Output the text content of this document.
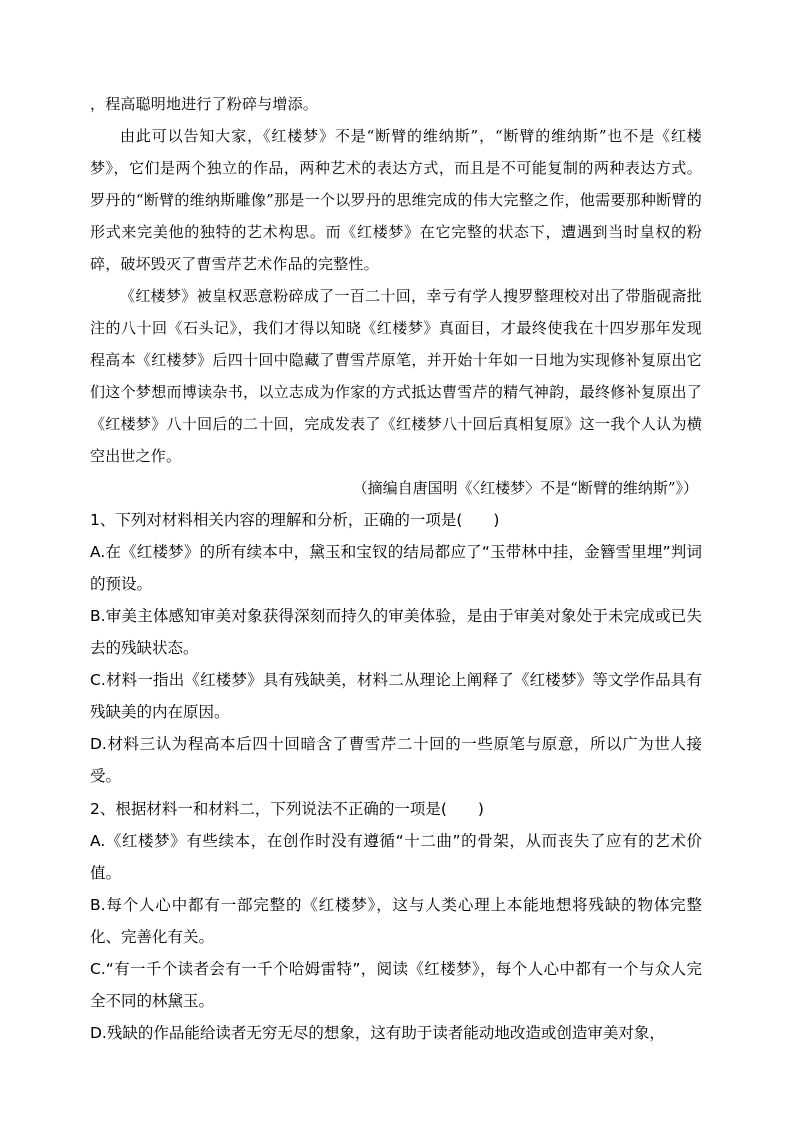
，程高聪明地进行了粉碎与增添。

由此可以告知大家，《红楼梦》不是“断臂的维纳斯”，“断臂的维纳斯”也不是《红楼梦》，它们是两个独立的作品，两种艺术的表达方式，而且是不可能复制的两种表达方式。罗丹的“断臂的维纳斯雕像”那是一个以罗丹的思维完成的伟大完整之作，他需要那种断臂的形式来完美他的独特的艺术构思。而《红楼梦》在它完整的状态下，遭遇到当时皇权的粉碎，破坏毁灭了曹雪芹艺术作品的完整性。

《红楼梦》被皇权恶意粉碎成了一百二十回，幸亏有学人搜罗整理校对出了带脂砚斋批注的八十回《石头记》，我们才得以知晓《红楼梦》真面目，才最终使我在十四岁那年发现程高本《红楼梦》后四十回中隐藏了曹雪芹原笔，并开始十年如一日地为实现修补复原出它们这个梦想而博读杂书，以立志成为作家的方式抵达曹雪芹的精气神韵，最终修补复原出了《红楼梦》八十回后的二十回，完成发表了《红楼梦八十回后真相复原》这一我个人认为横空出世之作。

（摘编自唐国明《〈红楼梦〉不是“断臂的维纳斯”》）

1、下列对材料相关内容的理解和分析，正确的一项是(　　)

A.在《红楼梦》的所有续本中，黛玉和宝钗的结局都应了“玉带林中挂，金簪雪里埋”判词的预设。

B.审美主体感知审美对象获得深刻而持久的审美体验，是由于审美对象处于未完成或已失去的残缺状态。

C.材料一指出《红楼梦》具有残缺美，材料二从理论上阐释了《红楼梦》等文学作品具有残缺美的内在原因。

D.材料三认为程高本后四十回暗含了曹雪芹二十回的一些原笔与原意，所以广为世人接受。

2、根据材料一和材料二，下列说法不正确的一项是(　　)

A.《红楼梦》有些续本，在创作时没有遵循“十二曲”的骨架，从而丧失了应有的艺术价值。

B.每个人心中都有一部完整的《红楼梦》，这与人类心理上本能地想将残缺的物体完整化、完善化有关。

C.“有一千个读者会有一千个哈姆雷特”，阅读《红楼梦》，每个人心中都有一个与众人完全不同的林黛玉。

D.残缺的作品能给读者无穷无尽的想象，这有助于读者能动地改造或创造审美对象，
